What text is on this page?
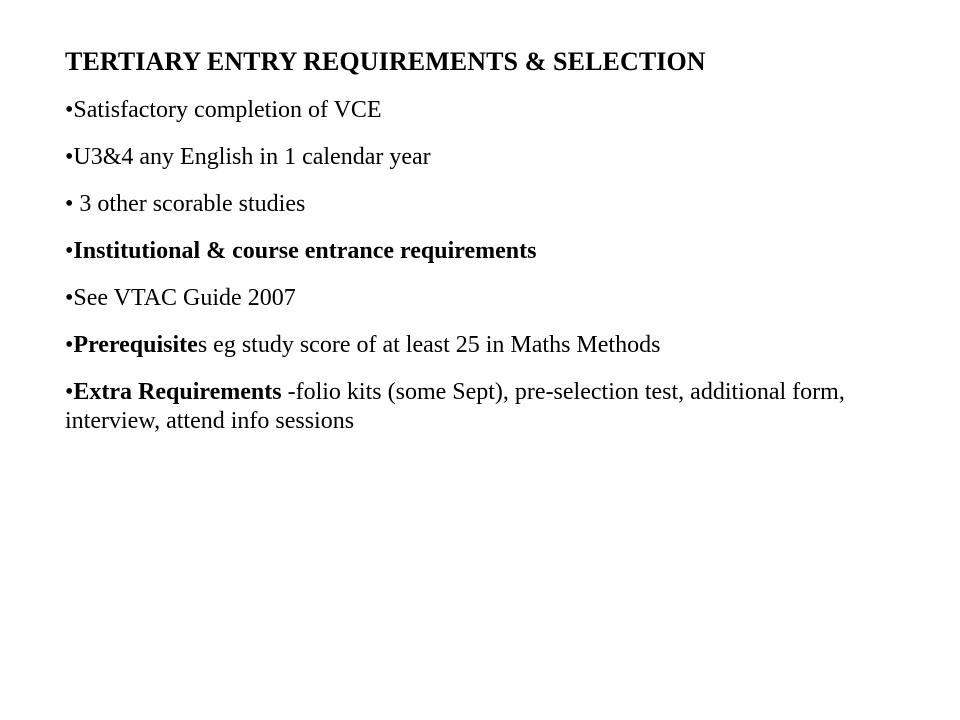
TERTIARY ENTRY REQUIREMENTS & SELECTION
•Satisfactory completion of VCE
•U3&4 any English in 1 calendar year
• 3 other scorable studies
•Institutional & course entrance requirements
•See VTAC Guide 2007
•Prerequisites eg study score of at least 25 in Maths Methods
•Extra Requirements -folio kits (some Sept), pre-selection test, additional form, interview, attend info sessions
